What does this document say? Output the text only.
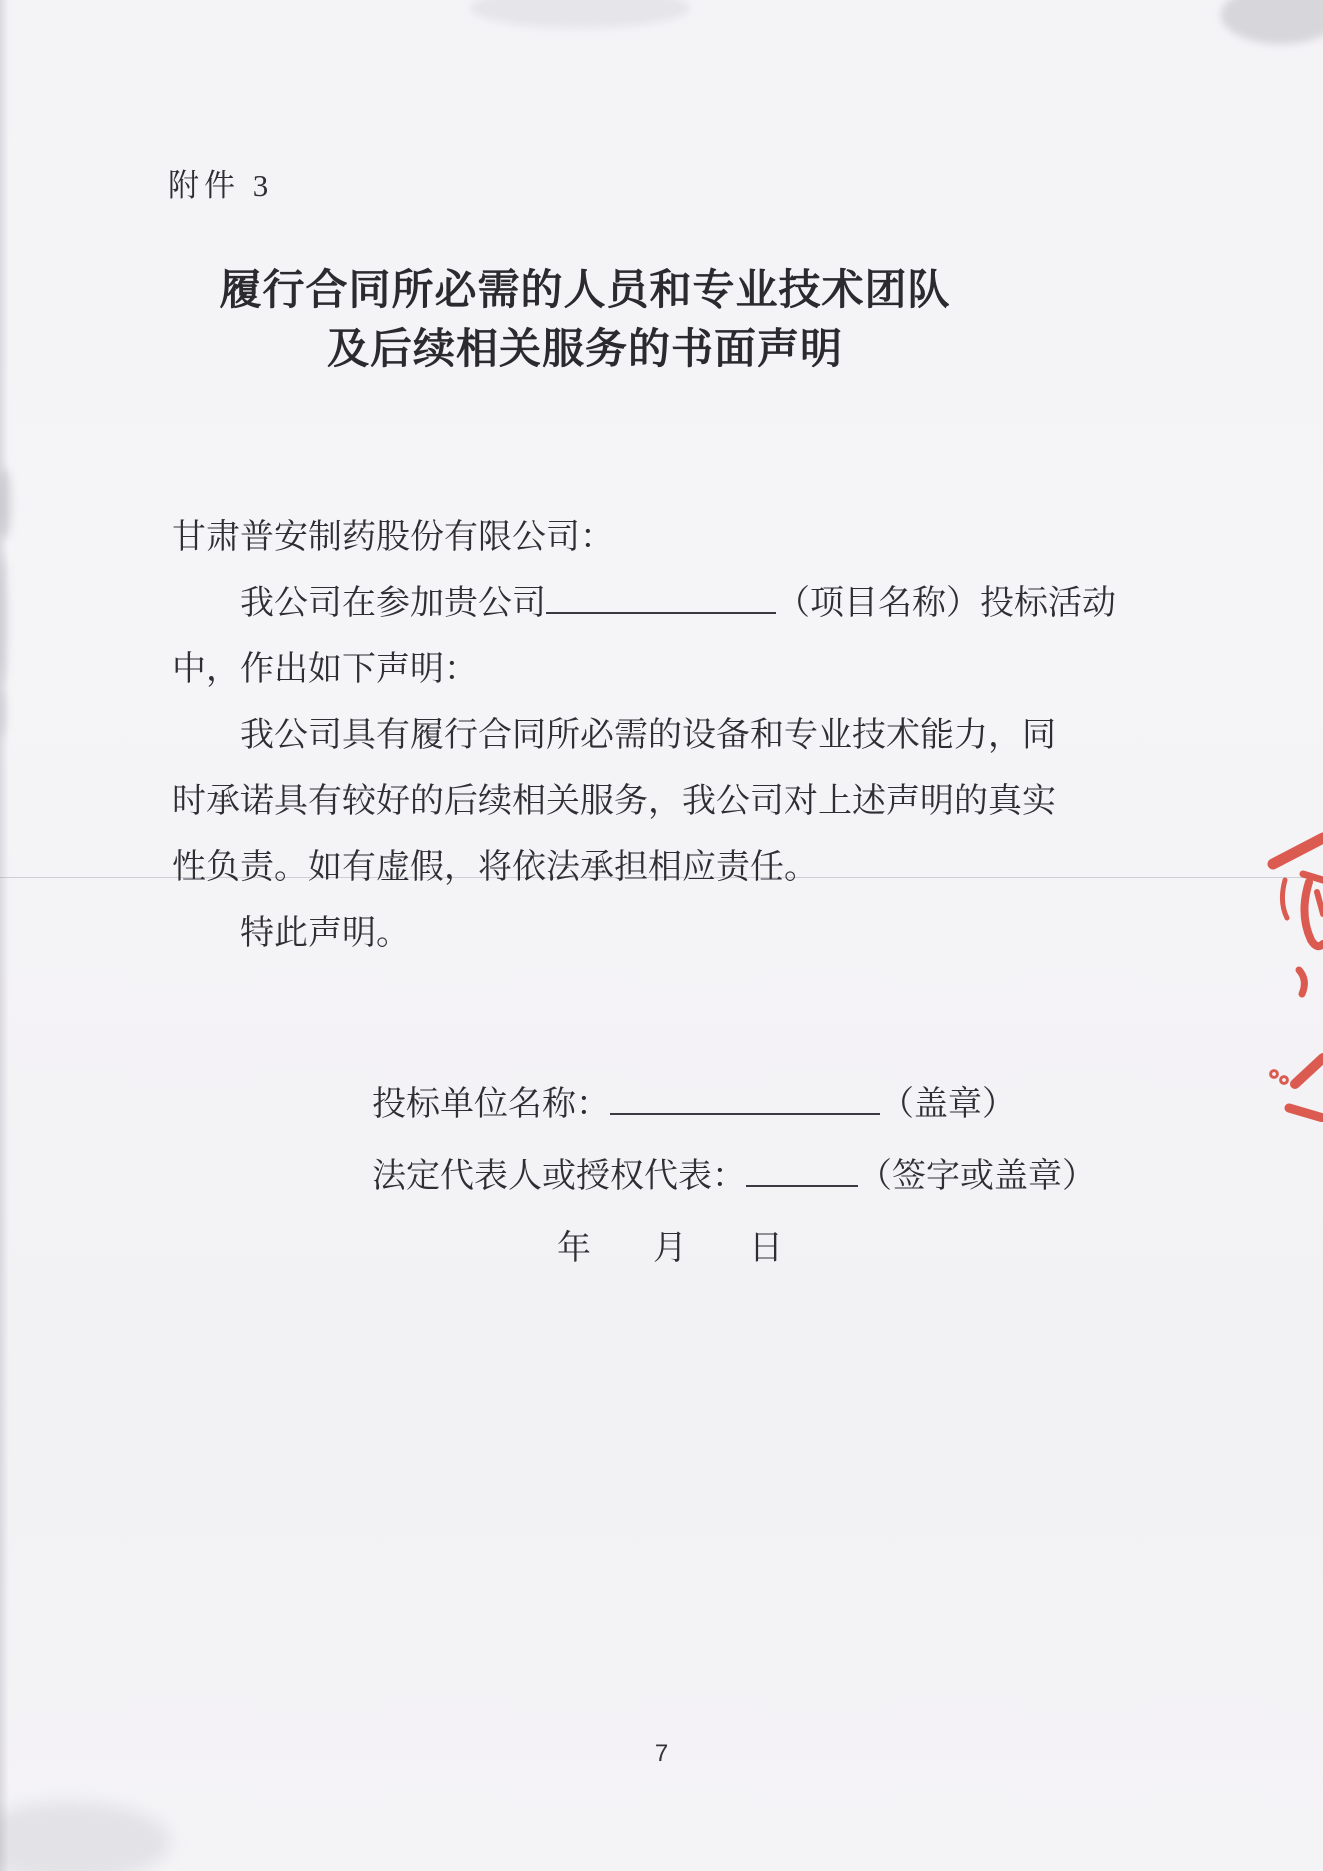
附件 3
履行合同所必需的人员和专业技术团队
及后续相关服务的书面声明
甘肃普安制药股份有限公司：
我公司在参加贵公司	（项目名称）投标活动
中，作出如下声明：
我公司具有履行合同所必需的设备和专业技术能力，同
时承诺具有较好的后续相关服务，我公司对上述声明的真实
性负责。如有虚假，将依法承担相应责任。
特此声明。
投标单位名称：	（盖章）
法定代表人或授权代表：	（签字或盖章）
年 月 日
7
